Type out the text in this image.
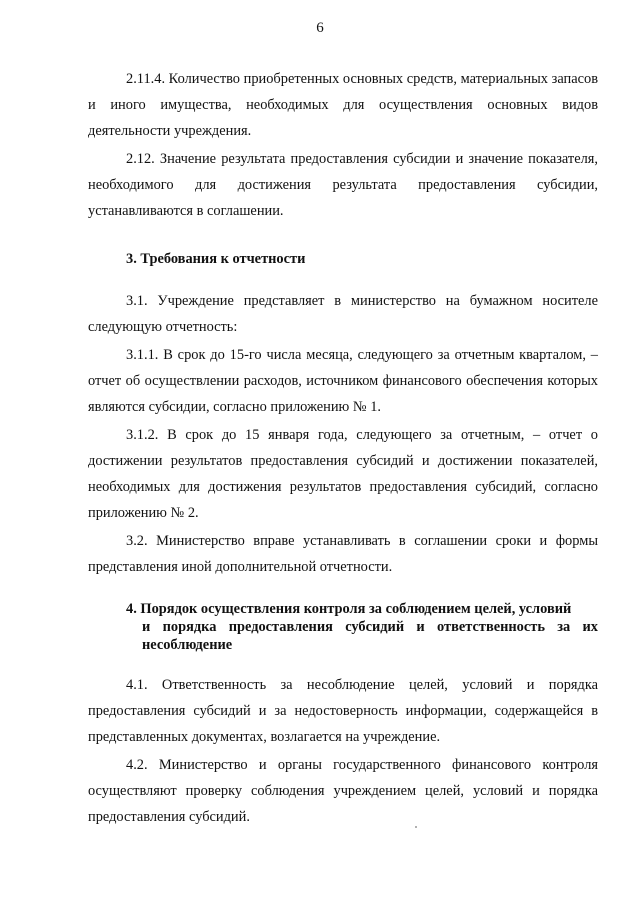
6

2.11.4. Количество приобретенных основных средств, материальных запасов и иного имущества, необходимых для осуществления основных видов деятельности учреждения.

2.12. Значение результата предоставления субсидии и значение показателя, необходимого для достижения результата предоставления субсидии, устанавливаются в соглашении.

3. Требования к отчетности

3.1. Учреждение представляет в министерство на бумажном носителе следующую отчетность:

3.1.1. В срок до 15-го числа месяца, следующего за отчетным кварталом, – отчет об осуществлении расходов, источником финансового обеспечения которых являются субсидии, согласно приложению № 1.

3.1.2. В срок до 15 января года, следующего за отчетным, – отчет о достижении результатов предоставления субсидий и достижении показателей, необходимых для достижения результатов предоставления субсидий, согласно приложению № 2.

3.2. Министерство вправе устанавливать в соглашении сроки и формы представления иной дополнительной отчетности.

4. Порядок осуществления контроля за соблюдением целей, условий
и порядка предоставления субсидий и ответственность за их несоблюдение

4.1. Ответственность за несоблюдение целей, условий и порядка предоставления субсидий и за недостоверность информации, содержащейся в представленных документах, возлагается на учреждение.

4.2. Министерство и органы государственного финансового контроля осуществляют проверку соблюдения учреждением целей, условий и порядка предоставления субсидий.
